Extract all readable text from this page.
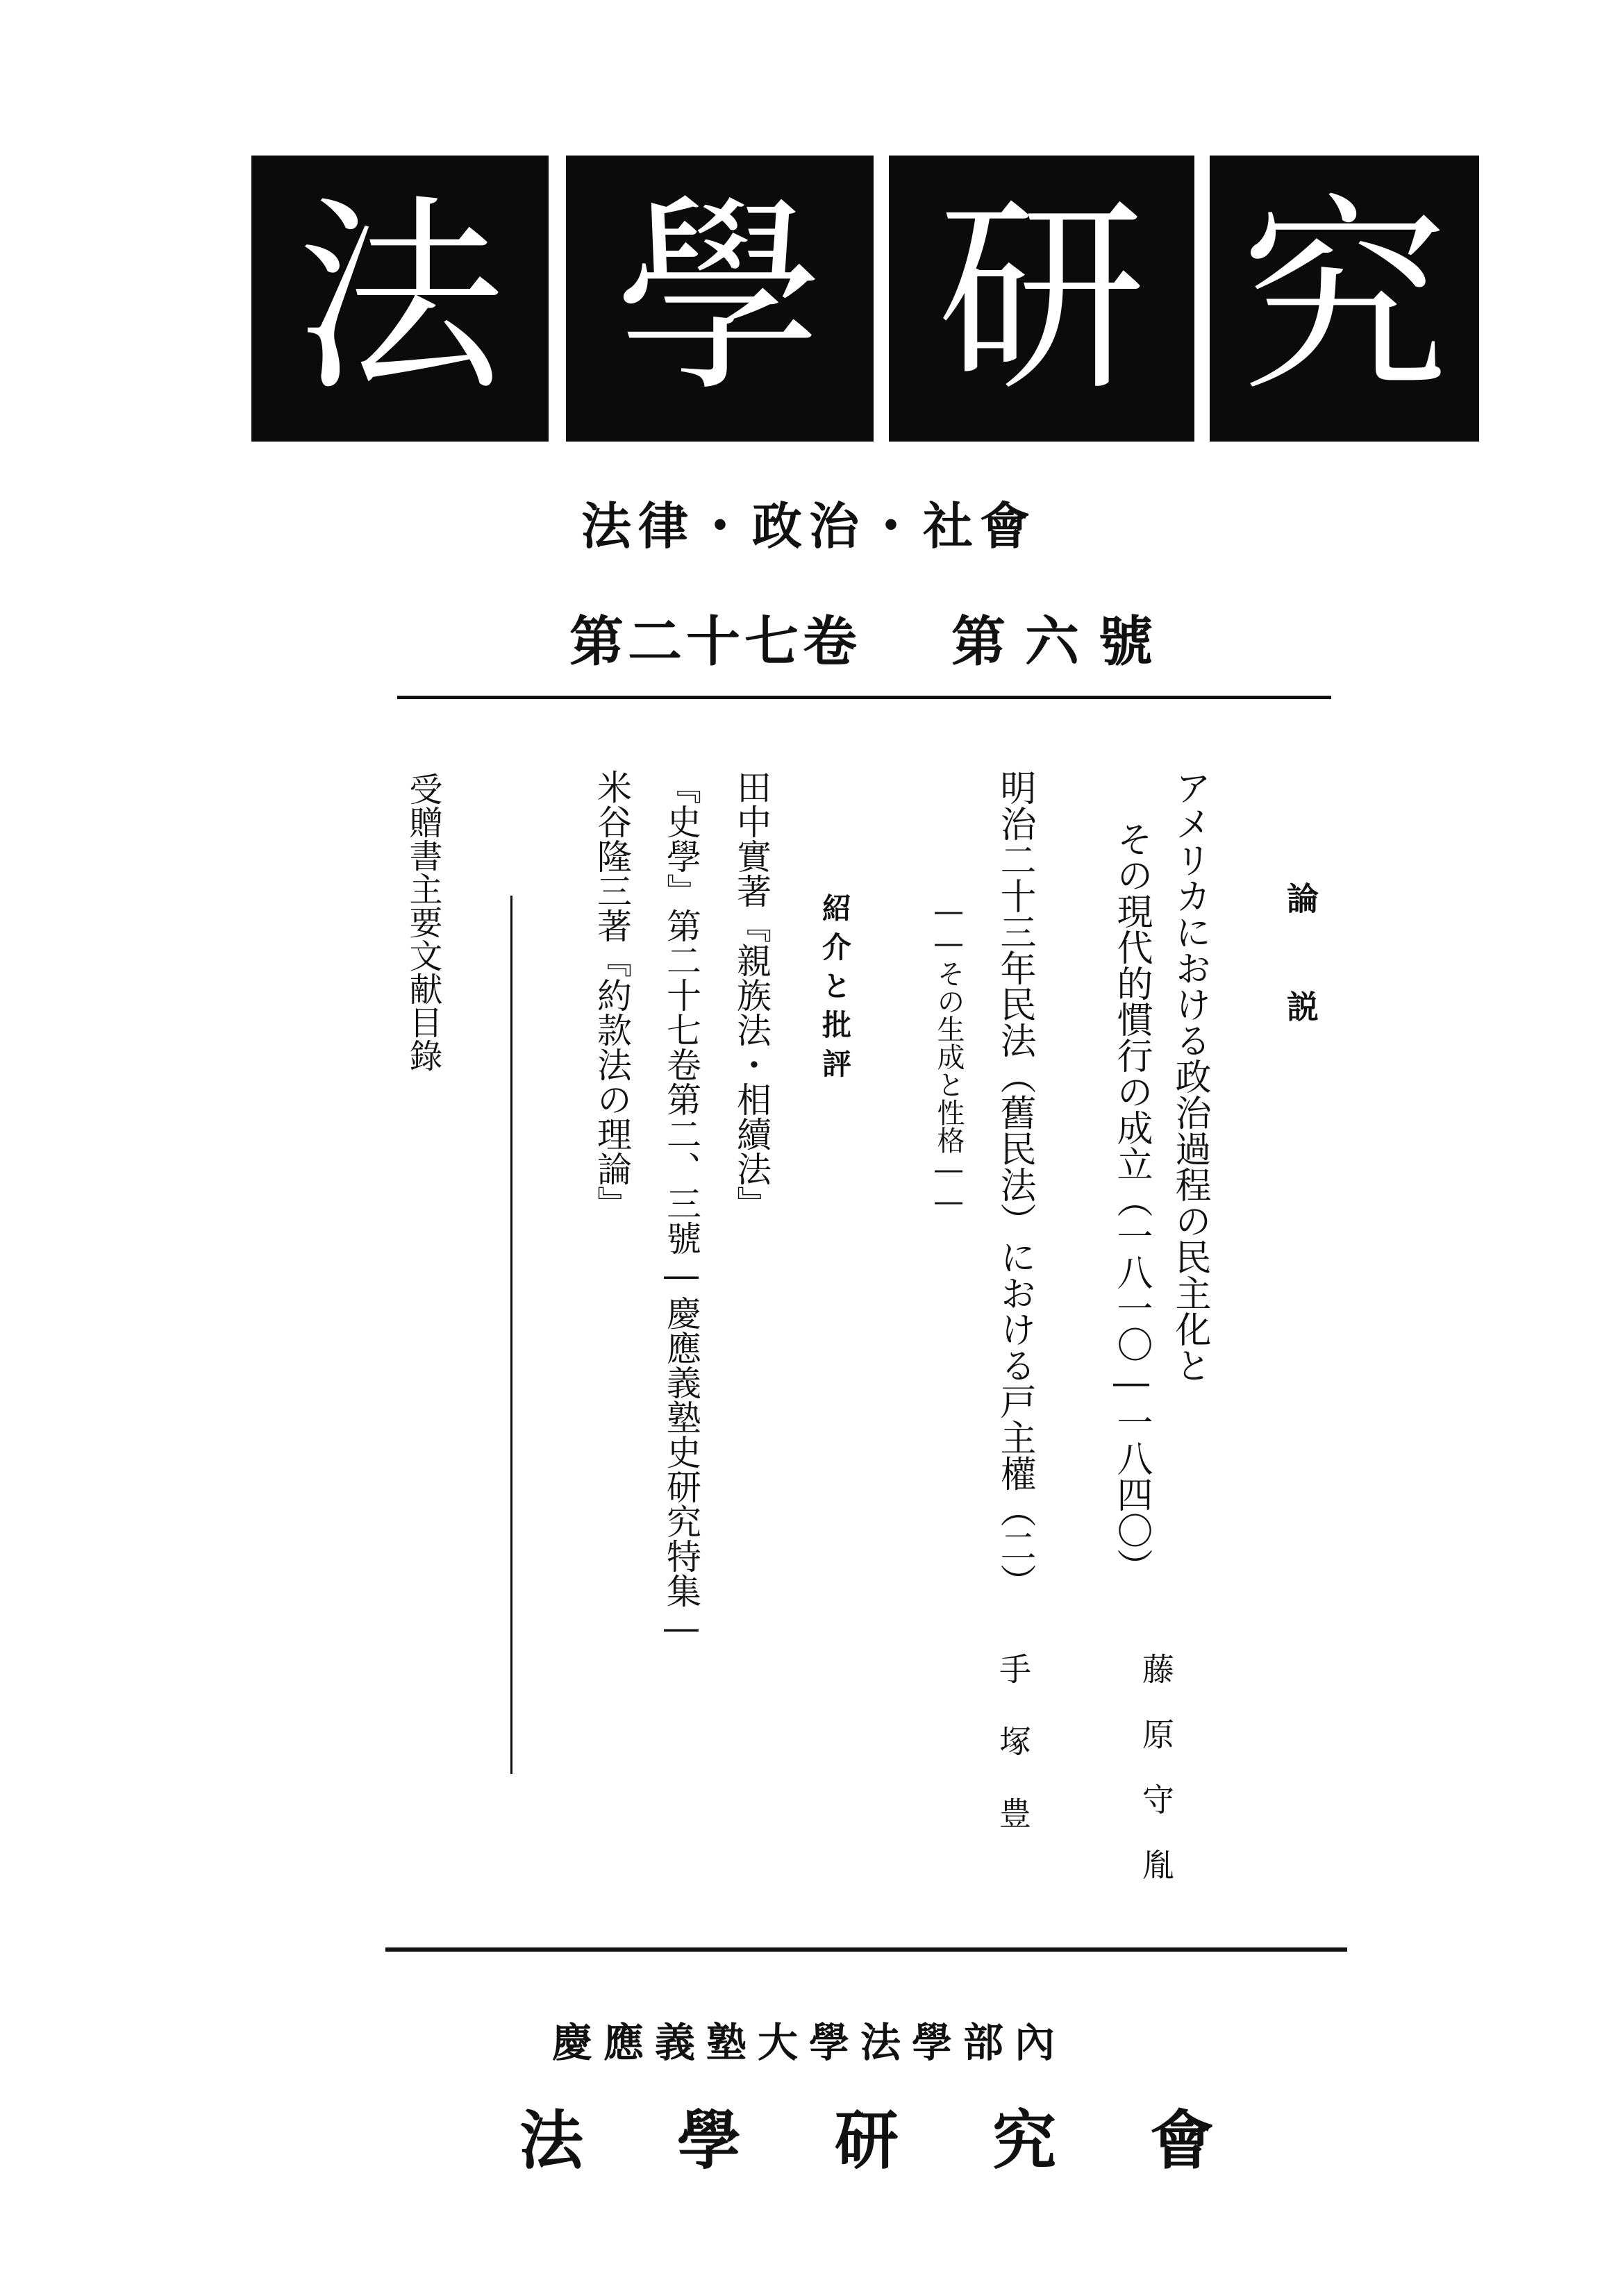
法 學 研 究
法律・政治・社會
第二十七卷 第六號
論説
アメリカにおける政治過程の民主化と
その現代的慣行の成立（一八一〇―一八四〇）
藤原守胤
明治二十三年民法（舊民法）における戸主權（二）
――その生成と性格――
手塚豊
紹介と批評
田中實著『親族法・相續法』
『史學』第二十七卷第二、三號―慶應義塾史研究特集―
米谷隆三著『約款法の理論』
受贈書主要文献目錄
慶應義塾大學法學部內
法 學 研 究 會
